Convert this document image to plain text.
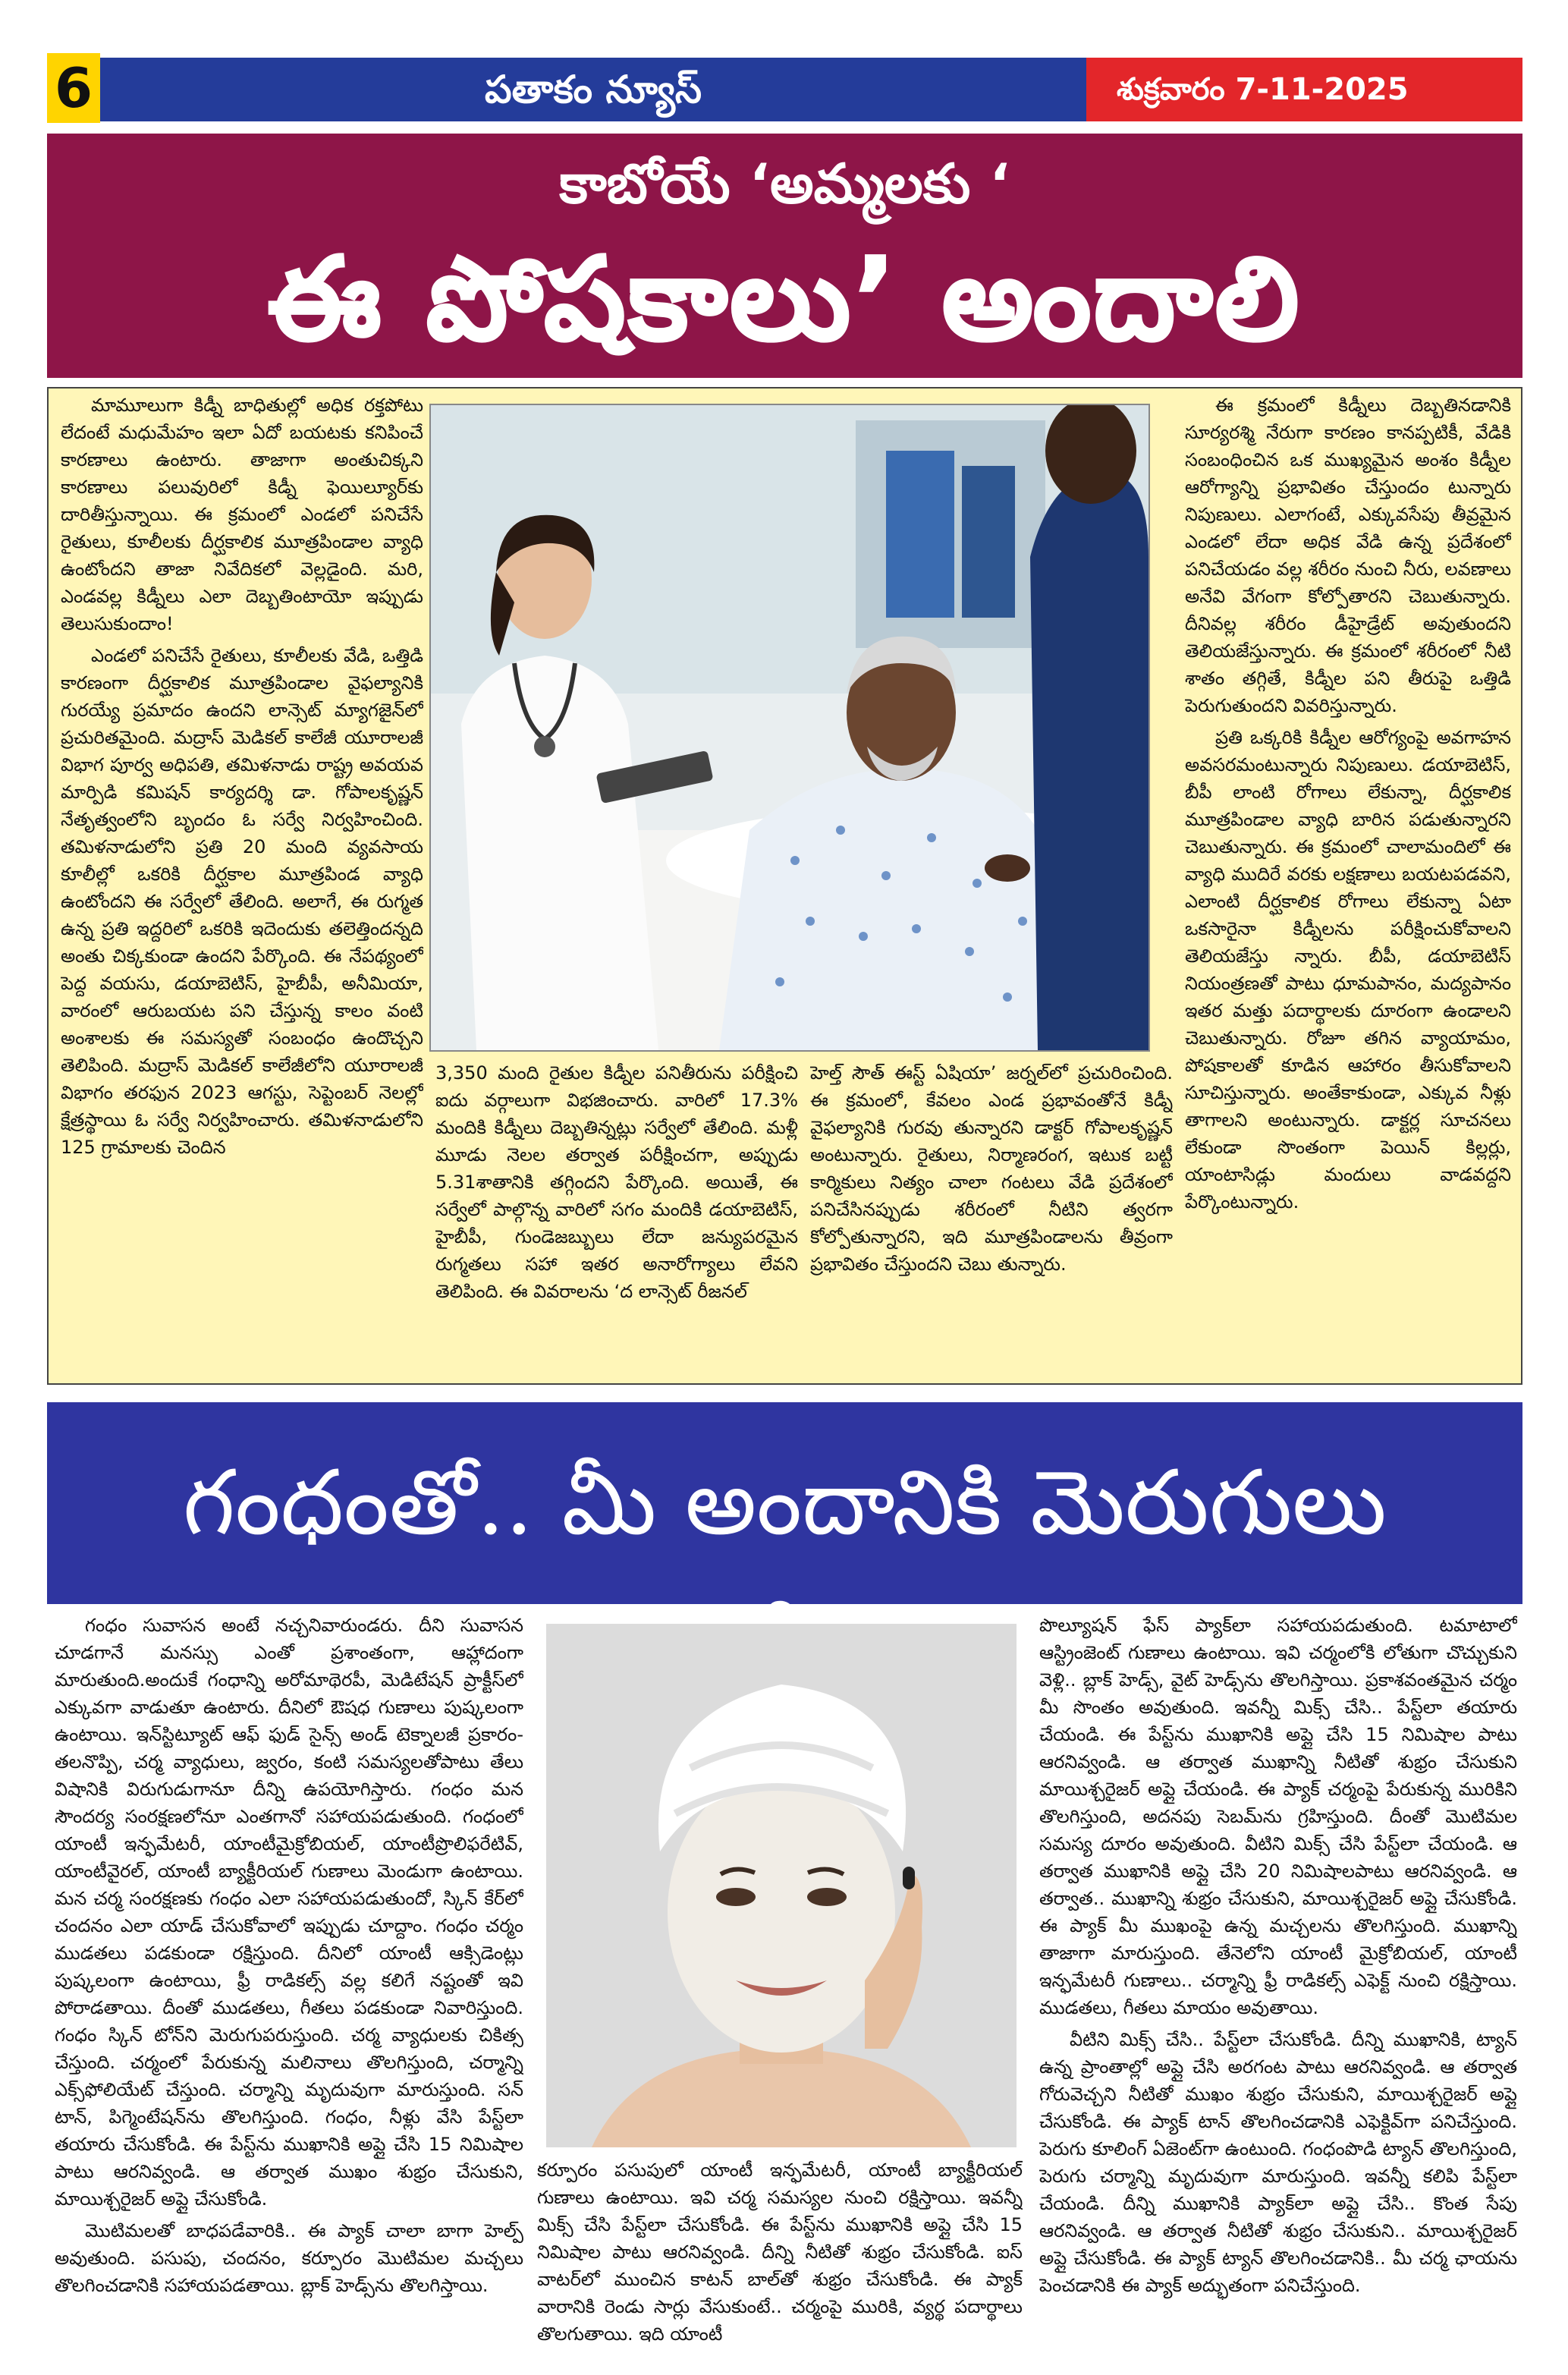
6	పతాకం న్యూస్	శుక్రవారం 7-11-2025
కాబోయే ‘అమ్మలకు ‘
ఈ పోషకాలు’ అందాలి

మామూలుగా కిడ్నీ బాధితుల్లో అధిక రక్తపోటు లేదంటే మధుమేహం ఇలా ఏదో బయటకు కనిపించే కారణాలు ఉంటారు. తాజాగా అంతుచిక్కని కారణాలు పలువురిలో కిడ్నీ ఫెయిల్యూర్‌కు దారితీస్తున్నాయి. ఈ క్రమంలో ఎండలో పనిచేసే రైతులు, కూలీలకు దీర్ఘకాలిక మూత్రపిండాల వ్యాధి ఉంటోందని తాజా నివేదికలో వెల్లడైంది. మరి, ఎండవల్ల కిడ్నీలు ఎలా దెబ్బతింటాయో ఇప్పుడు తెలుసుకుందాం!

ఎండలో పనిచేసే రైతులు, కూలీలకు వేడి, ఒత్తిడి కారణంగా దీర్ఘకాలిక మూత్రపిండాల వైఫల్యానికి గురయ్యే ప్రమాదం ఉందని లాన్సెట్ మ్యాగజైన్‌లో ప్రచురితమైంది. మద్రాస్ మెడికల్ కాలేజీ యూరాలజీ విభాగ పూర్వ అధిపతి, తమిళనాడు రాష్ట్ర అవయవ మార్పిడి కమిషన్ కార్యదర్శి డా. గోపాలకృష్ణన్ నేతృత్వంలోని బృందం ఓ సర్వే నిర్వహించింది. తమిళనాడులోని ప్రతి 20 మంది వ్యవసాయ కూలీల్లో ఒకరికి దీర్ఘకాల మూత్రపిండ వ్యాధి ఉంటోందని ఈ సర్వేలో తేలింది. అలాగే, ఈ రుగ్మత ఉన్న ప్రతి ఇద్దరిలో ఒకరికి ఇదెందుకు తలెత్తిందన్నది అంతు చిక్కకుండా ఉందని పేర్కొంది. ఈ నేపథ్యంలో పెద్ద వయసు, డయాబెటిస్, హైబీపీ, అనీమియా, వారంలో ఆరుబయట పని చేస్తున్న కాలం వంటి అంశాలకు ఈ సమస్యతో సంబంధం ఉందొచ్చని తెలిపింది. మద్రాస్ మెడికల్ కాలేజీలోని యూరాలజీ విభాగం తరఫున 2023 ఆగస్టు, సెప్టెంబర్ నెలల్లో క్షేత్రస్థాయి ఓ సర్వే నిర్వహించారు. తమిళనాడులోని 125 గ్రామాలకు చెందిన

3,350 మంది రైతుల కిడ్నీల పనితీరును పరీక్షించి ఐదు వర్గాలుగా విభజించారు. వారిలో 17.3% మందికి కిడ్నీలు దెబ్బతిన్నట్లు సర్వేలో తేలింది. మళ్లీ మూడు నెలల తర్వాత పరీక్షించగా, అప్పుడు 5.31శాతానికి తగ్గిందని పేర్కొంది. అయితే, ఈ సర్వేలో పాల్గొన్న వారిలో సగం మందికి డయాబెటిస్, హైబీపీ, గుండెజబ్బులు లేదా జన్యుపరమైన రుగ్మతలు సహా ఇతర అనారోగ్యాలు లేవని తెలిపింది. ఈ వివరాలను ‘ద లాన్సెట్ రీజనల్

హెల్త్ సౌత్ ఈస్ట్ ఏషియా’ జర్నల్‌లో ప్రచురించింది. ఈ క్రమంలో, కేవలం ఎండ ప్రభావంతోనే కిడ్నీ వైఫల్యానికి గురవు తున్నారని డాక్టర్ గోపాలకృష్ణన్ అంటున్నారు. రైతులు, నిర్మాణరంగ, ఇటుక బట్టీ కార్మికులు నిత్యం చాలా గంటలు వేడి ప్రదేశంలో పనిచేసినప్పుడు శరీరంలో నీటిని త్వరగా కోల్పోతున్నారని, ఇది మూత్రపిండాలను తీవ్రంగా ప్రభావితం చేస్తుందని చెబు తున్నారు.

ఈ క్రమంలో కిడ్నీలు దెబ్బతినడానికి సూర్యరశ్మి నేరుగా కారణం కానప్పటికీ, వేడికి సంబంధించిన ఒక ముఖ్యమైన అంశం కిడ్నీల ఆరోగ్యాన్ని ప్రభావితం చేస్తుందం టున్నారు నిపుణులు. ఎలాగంటే, ఎక్కువసేపు తీవ్రమైన ఎండలో లేదా అధిక వేడి ఉన్న ప్రదేశంలో పనిచేయడం వల్ల శరీరం నుంచి నీరు, లవణాలు అనేవి వేగంగా కోల్పోతారని చెబుతున్నారు. దీనివల్ల శరీరం డీహైడ్రేట్ అవుతుందని తెలియజేస్తున్నారు. ఈ క్రమంలో శరీరంలో నీటి శాతం తగ్గితే, కిడ్నీల పని తీరుపై ఒత్తిడి పెరుగుతుందని వివరిస్తున్నారు.

ప్రతి ఒక్కరికి కిడ్నీల ఆరోగ్యంపై అవగాహన అవసరమంటున్నారు నిపుణులు. డయాబెటిస్, బీపీ లాంటి రోగాలు లేకున్నా, దీర్ఘకాలిక మూత్రపిండాల వ్యాధి బారిన పడుతున్నారని చెబుతున్నారు. ఈ క్రమంలో చాలామందిలో ఈ వ్యాధి ముదిరే వరకు లక్షణాలు బయటపడవని, ఎలాంటి దీర్ఘకాలిక రోగాలు లేకున్నా ఏటా ఒకసారైనా కిడ్నీలను పరీక్షించుకోవాలని తెలియజేస్తు న్నారు. బీపీ, డయాబెటిస్ నియంత్రణతో పాటు ధూమపానం, మద్యపానం ఇతర మత్తు పదార్థాలకు దూరంగా ఉండాలని చెబుతున్నారు. రోజూ తగిన వ్యాయామం, పోషకాలతో కూడిన ఆహారం తీసుకోవాలని సూచిస్తున్నారు. అంతేకాకుండా, ఎక్కువ నీళ్లు తాగాలని అంటున్నారు. డాక్టర్ల సూచనలు లేకుండా సొంతంగా పెయిన్ కిల్లర్లు, యాంటాసిడ్లు మందులు వాడవద్దని పేర్కొంటున్నారు.

గంధంతో.. మీ అందానికి మెరుగులు

గంధం సువాసన అంటే నచ్చనివారుండరు. దీని సువాసన చూడగానే మనస్సు ఎంతో ప్రశాంతంగా, ఆహ్లాదంగా మారుతుంది.అందుకే గంధాన్ని అరోమాథెరపీ, మెడిటేషన్ ప్రాక్టీస్‌లో ఎక్కువగా వాడుతూ ఉంటారు. దీనిలో ఔషధ గుణాలు పుష్కలంగా ఉంటాయి. ఇన్‌స్టిట్యూట్ ఆఫ్ ఫుడ్ సైన్స్ అండ్ టెక్నాలజీ ప్రకారం- తలనొప్పి, చర్మ వ్యాధులు, జ్వరం, కంటి సమస్యలతోపాటు తేలు విషానికి విరుగుడుగానూ దీన్ని ఉపయోగిస్తారు. గంధం మన సౌందర్య సంరక్షణలోనూ ఎంతగానో సహాయపడుతుంది. గంధంలో యాంటీ ఇన్ఫమేటరీ, యాంటీమైక్రోబియల్, యాంటీప్రొలిఫరేటివ్, యాంటీవైరల్, యాంటీ బ్యాక్టీరియల్ గుణాలు మెండుగా ఉంటాయి. మన చర్మ సంరక్షణకు గంధం ఎలా సహాయపడుతుందో, స్కిన్ కేర్‌లో చందనం ఎలా యాడ్ చేసుకోవాలో ఇప్పుడు చూద్దాం. గంధం చర్మం ముడతలు పడకుండా రక్షిస్తుంది. దీనిలో యాంటీ ఆక్సిడెంట్లు పుష్కలంగా ఉంటాయి, ఫ్రీ రాడికల్స్ వల్ల కలిగే నష్టంతో ఇవి పోరాడతాయి. దీంతో ముడతలు, గీతలు పడకుండా నివారిస్తుంది. గంధం స్కిన్ టోన్‌ని మెరుగుపరుస్తుంది. చర్మ వ్యాధులకు చికిత్స చేస్తుంది. చర్మంలో పేరుకున్న మలినాలు తొలగిస్తుంది, చర్మాన్ని ఎక్స్‌ఫోలియేట్ చేస్తుంది. చర్మాన్ని మృదువుగా మారుస్తుంది. సన్ టాన్, పిగ్మెంటేషన్‌ను తొలగిస్తుంది. గంధం, నీళ్లు వేసి పేస్ట్‌లా తయారు చేసుకోండి. ఈ పేస్ట్‌ను ముఖానికి అప్లై చేసి 15 నిమిషాల పాటు ఆరనివ్వండి. ఆ తర్వాత ముఖం శుభ్రం చేసుకుని, మాయిశ్చరైజర్ అప్లై చేసుకోండి.

మొటిమలతో బాధపడేవారికి.. ఈ ప్యాక్ చాలా బాగా హెల్ప్ అవుతుంది. పసుపు, చందనం, కర్పూరం మొటిమల మచ్చలు తొలగించడానికి సహాయపడతాయి. బ్లాక్ హెడ్స్‌ను తొలగిస్తాయి.

కర్పూరం పసుపులో యాంటీ ఇన్ఫమేటరీ, యాంటీ బ్యాక్టీరియల్ గుణాలు ఉంటాయి. ఇవి చర్మ సమస్యల నుంచి రక్షిస్తాయి. ఇవన్నీ మిక్స్ చేసి పేస్ట్‌లా చేసుకోండి. ఈ పేస్ట్‌ను ముఖానికి అప్లై చేసి 15 నిమిషాల పాటు ఆరనివ్వండి. దీన్ని నీటితో శుభ్రం చేసుకోండి. ఐస్ వాటర్‌లో ముంచిన కాటన్ బాల్‌తో శుభ్రం చేసుకోండి. ఈ ప్యాక్ వారానికి రెండు సార్లు వేసుకుంటే.. చర్మంపై మురికి, వ్యర్థ పదార్థాలు తొలగుతాయి. ఇది యాంటీ

పొల్యూషన్ ఫేస్ ప్యాక్‌లా సహాయపడుతుంది. టమాటాలో ఆస్ట్రింజెంట్ గుణాలు ఉంటాయి. ఇవి చర్మంలోకి లోతుగా చొచ్చుకుని వెళ్లి.. బ్లాక్ హెడ్స్, వైట్ హెడ్స్‌ను తొలగిస్తాయి. ప్రకాశవంతమైన చర్మం మీ సొంతం అవుతుంది. ఇవన్నీ మిక్స్ చేసి.. పేస్ట్‌లా తయారు చేయండి. ఈ పేస్ట్‌ను ముఖానికి అప్లై చేసి 15 నిమిషాల పాటు ఆరనివ్వండి. ఆ తర్వాత ముఖాన్ని నీటితో శుభ్రం చేసుకుని మాయిశ్చరైజర్ అప్లై చేయండి. ఈ ప్యాక్ చర్మంపై పేరుకున్న మురికిని తొలగిస్తుంది, అదనపు సెబమ్‌ను గ్రహిస్తుంది. దీంతో మొటిమల సమస్య దూరం అవుతుంది. వీటిని మిక్స్ చేసి పేస్ట్‌లా చేయండి. ఆ తర్వాత ముఖానికి అప్లై చేసి 20 నిమిషాలపాటు ఆరనివ్వండి. ఆ తర్వాత.. ముఖాన్ని శుభ్రం చేసుకుని, మాయిశ్చరైజర్ అప్లై చేసుకోండి. ఈ ప్యాక్ మీ ముఖంపై ఉన్న మచ్చలను తొలగిస్తుంది. ముఖాన్ని తాజాగా మారుస్తుంది. తేనెలోని యాంటీ మైక్రోబియల్, యాంటీ ఇన్ఫమేటరీ గుణాలు.. చర్మాన్ని ఫ్రీ రాడికల్స్ ఎఫెక్ట్ నుంచి రక్షిస్తాయి. ముడతలు, గీతలు మాయం అవుతాయి.

వీటిని మిక్స్ చేసి.. పేస్ట్‌లా చేసుకోండి. దీన్ని ముఖానికి, ట్యాన్ ఉన్న ప్రాంతాల్లో అప్లై చేసి అరగంట పాటు ఆరనివ్వండి. ఆ తర్వాత గోరువెచ్చని నీటితో ముఖం శుభ్రం చేసుకుని, మాయిశ్చరైజర్ అప్లై చేసుకోండి. ఈ ప్యాక్ టాన్ తొలగించడానికి ఎఫెక్టివ్‌గా పనిచేస్తుంది. పెరుగు కూలింగ్ ఏజెంట్‌గా ఉంటుంది. గంధంపొడి ట్యాన్ తొలగిస్తుంది, పెరుగు చర్మాన్ని మృదువుగా మారుస్తుంది. ఇవన్నీ కలిపి పేస్ట్‌లా చేయండి. దీన్ని ముఖానికి ప్యాక్‌లా అప్లై చేసి.. కొంత సేపు ఆరనివ్వండి. ఆ తర్వాత నీటితో శుభ్రం చేసుకుని.. మాయిశ్చరైజర్ అప్లై చేసుకోండి. ఈ ప్యాక్ ట్యాన్ తొలగించడానికి.. మీ చర్మ ఛాయను పెంచడానికి ఈ ప్యాక్ అద్భుతంగా పనిచేస్తుంది.
